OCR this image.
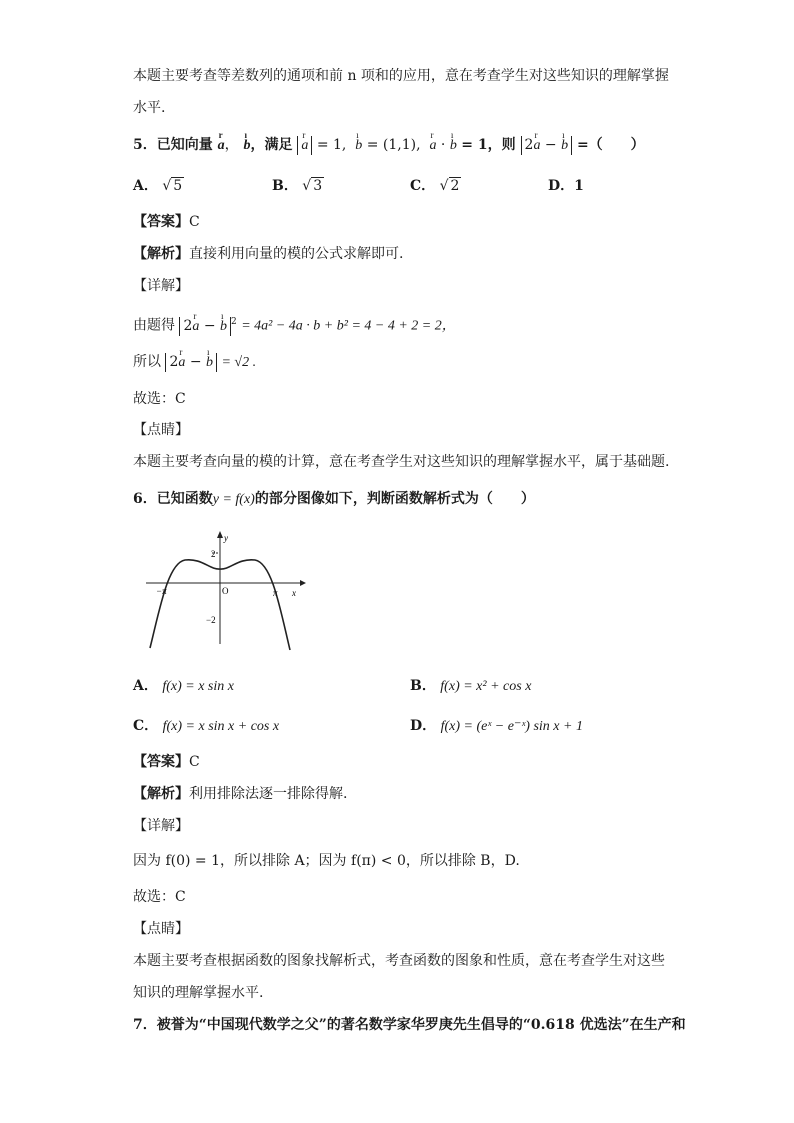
本题主要考查等差数列的通项和前 n 项和的应用，意在考查学生对这些知识的理解掌握
水平.
5．已知向量 r a， ı b，满足 r a = 1, ı b = (1,1), r a · ı b = 1，则 2r a − ı b =（　　）
A． √ 5	B． √ 3	C． √ 2	D．1
【答案】C
【解析】直接利用向量的模的公式求解即可.
【详解】
由题得 2r a − ı b $^2$ = 4a² − 4a · b + b² = 4 − 4 + 2 = 2，
所以 2r a − ı b = √2 .
故选：C
【点睛】
本题主要考查向量的模的计算，意在考查学生对这些知识的理解掌握水平，属于基础题.
6．已知函数y = f(x)的部分图像如下，判断函数解析式为（　　）
y
x
O
2
−2
−π	π
A． f(x) = x sin x	B． f(x) = x² + cos x
C． f(x) = x sin x + cos x	D． f(x) = (eˣ − e⁻ˣ) sin x + 1
【答案】C
【解析】利用排除法逐一排除得解.
【详解】
因为 f(0) = 1，所以排除 A；因为 f(π) < 0，所以排除 B，D.
故选：C
【点睛】
本题主要考查根据函数的图象找解析式，考查函数的图象和性质，意在考查学生对这些
知识的理解掌握水平.
7．被誉为“中国现代数学之父”的著名数学家华罗庚先生倡导的“0.618 优选法”在生产和
